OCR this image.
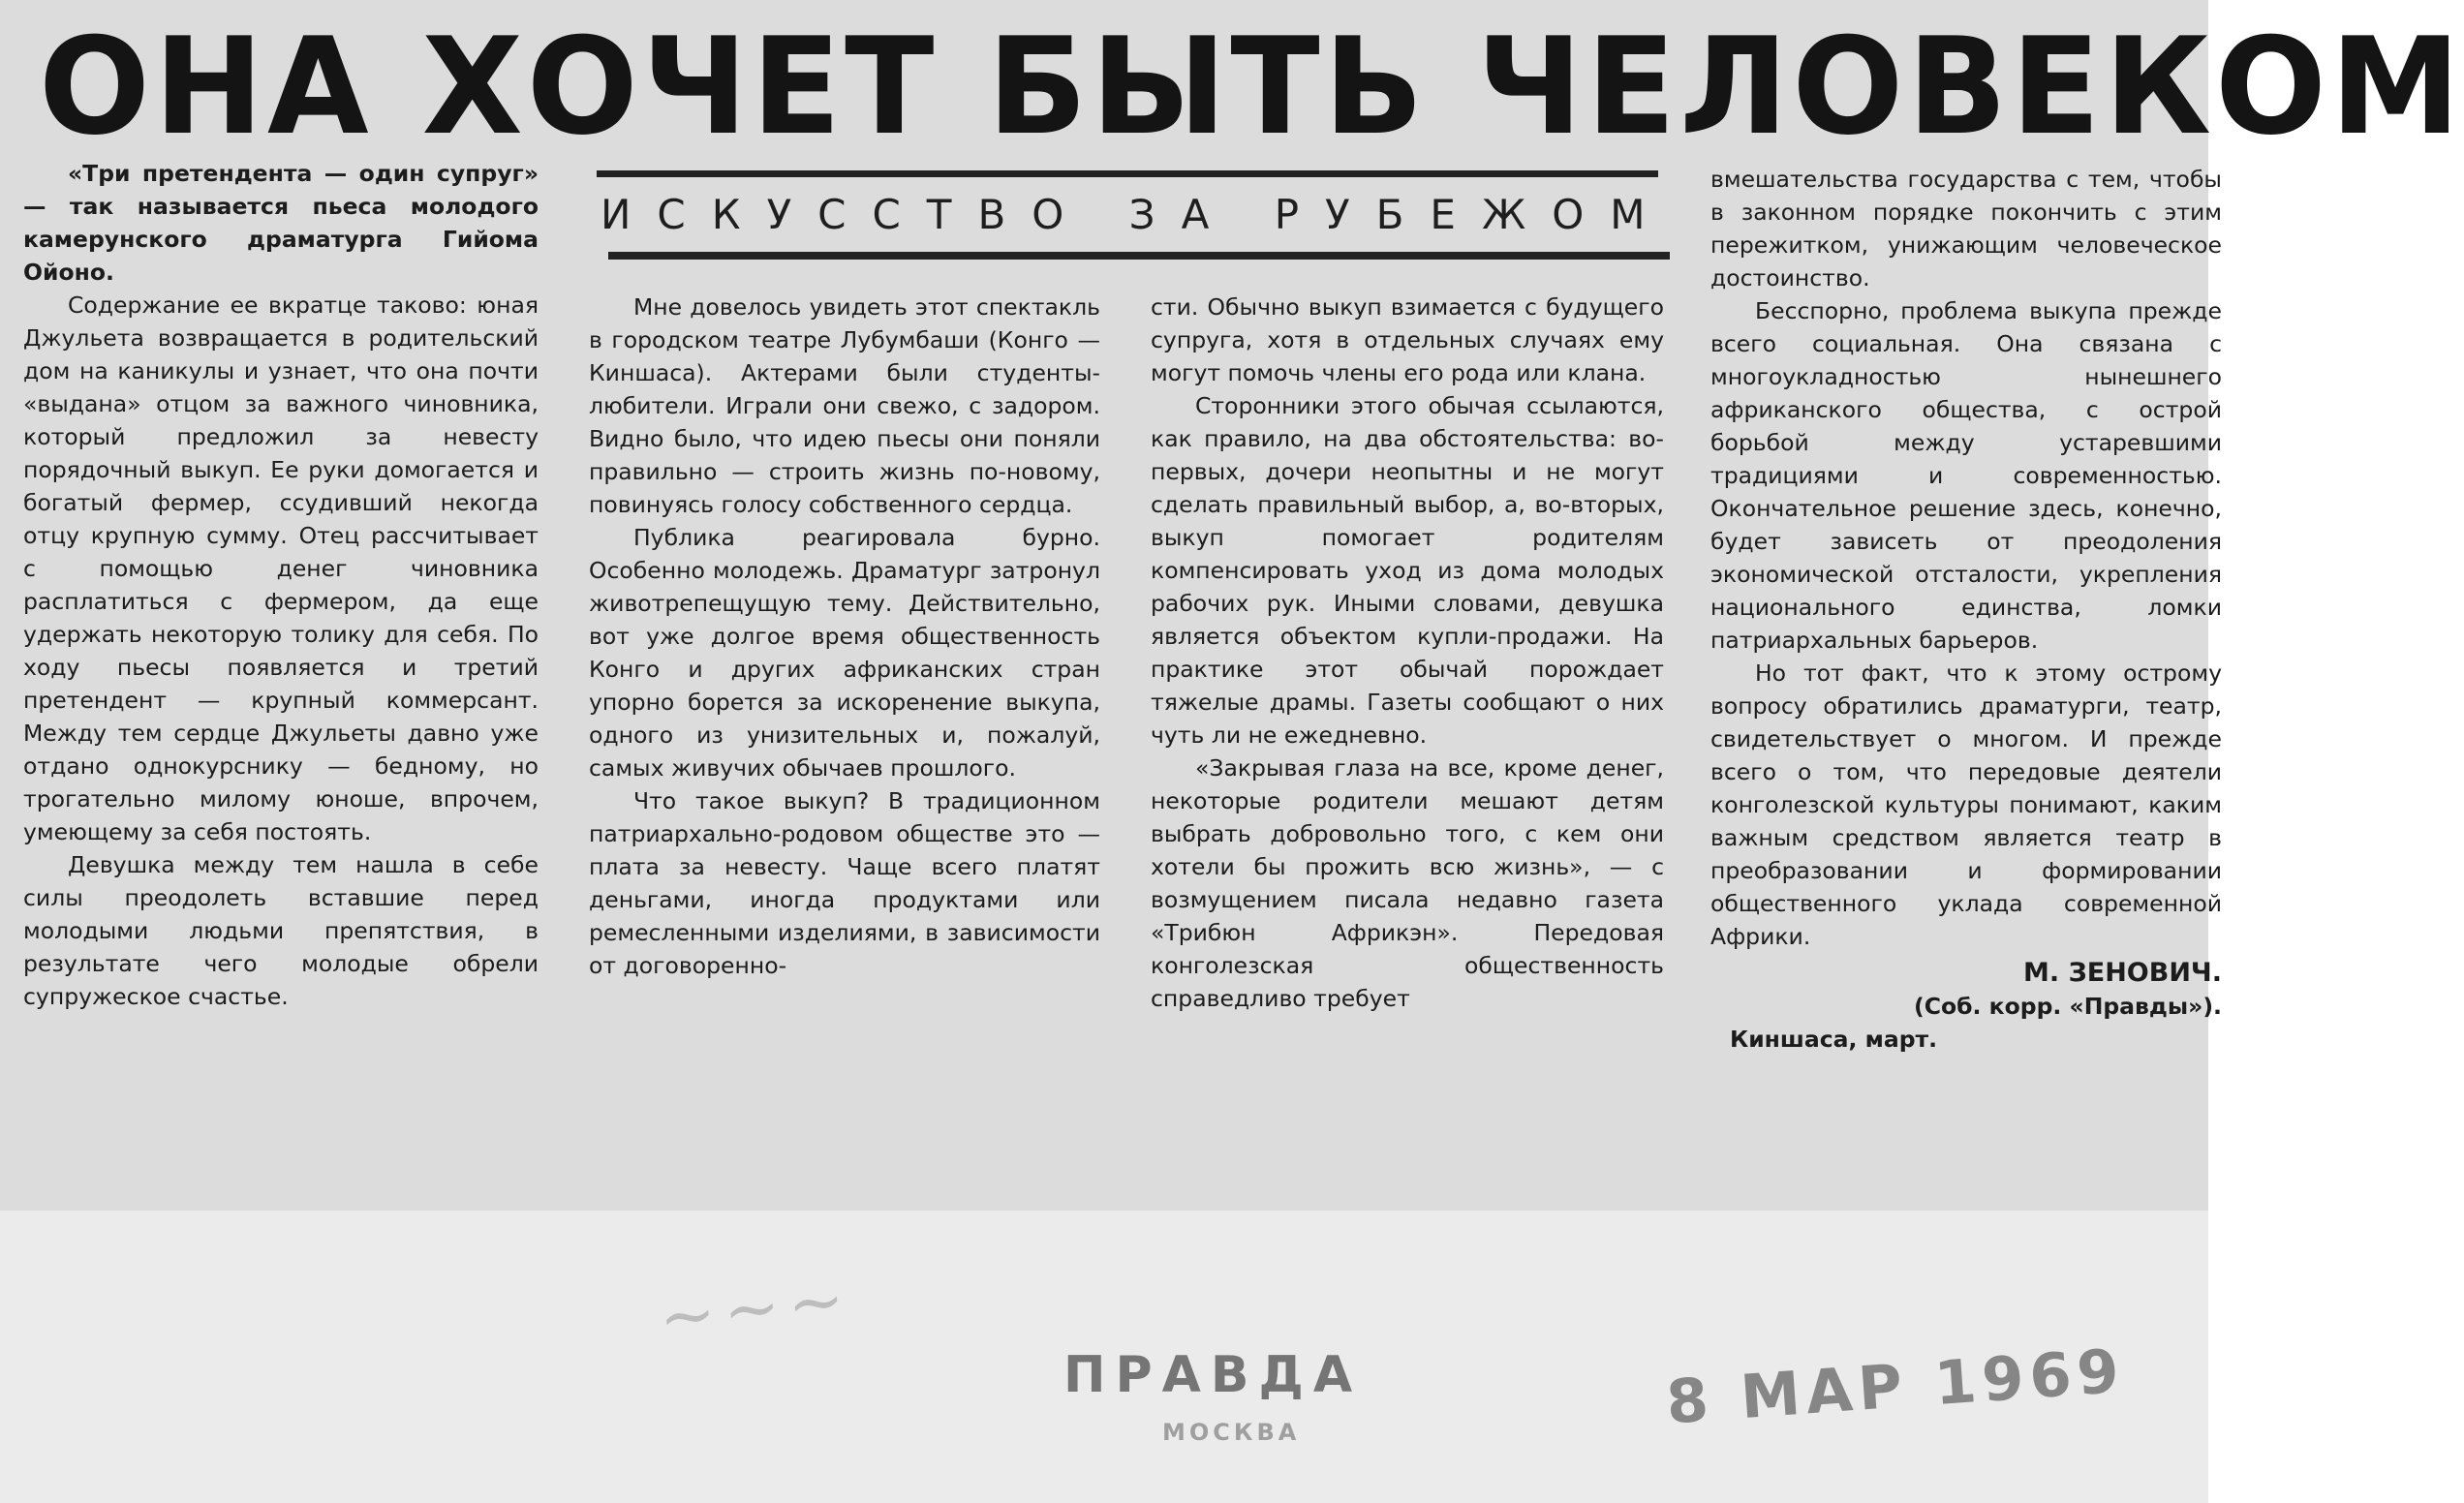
ОНА ХОЧЕТ БЫТЬ ЧЕЛОВЕКОМ
ИСКУССТВО ЗА РУБЕЖОМ

«Три претендента — один супруг» — так называется пьеса молодого камерунского драматурга Гийома Ойоно.

Содержание ее вкратце таково: юная Джульета возвращается в родительский дом на каникулы и узнает, что она почти «выдана» отцом за важного чиновника, который предложил за невесту порядочный выкуп. Ее руки домогается и богатый фермер, ссудивший некогда отцу крупную сумму. Отец рассчитывает с помощью денег чиновника расплатиться с фермером, да еще удержать некоторую толику для себя. По ходу пьесы появляется и третий претендент — крупный коммерсант. Между тем сердце Джульеты давно уже отдано однокурснику — бедному, но трогательно милому юноше, впрочем, умеющему за себя постоять.

Девушка между тем нашла в себе силы преодолеть вставшие перед молодыми людьми препятствия, в результате чего молодые обрели супружеское счастье.

Мне довелось увидеть этот спектакль в городском театре Лубумбаши (Конго — Киншаса). Актерами были студенты-любители. Играли они свежо, с задором. Видно было, что идею пьесы они поняли правильно — строить жизнь по-новому, повинуясь голосу собственного сердца.

Публика реагировала бурно. Особенно молодежь. Драматург затронул животрепещущую тему. Действительно, вот уже долгое время общественность Конго и других африканских стран упорно борется за искоренение выкупа, одного из унизительных и, пожалуй, самых живучих обычаев прошлого.

Что такое выкуп? В традиционном патриархально-родовом обществе это — плата за невесту. Чаще всего платят деньгами, иногда продуктами или ремесленными изделиями, в зависимости от договоренно-

сти. Обычно выкуп взимается с будущего супруга, хотя в отдельных случаях ему могут помочь члены его рода или клана.

Сторонники этого обычая ссылаются, как правило, на два обстоятельства: во-первых, дочери неопытны и не могут сделать правильный выбор, а, во-вторых, выкуп помогает родителям компенсировать уход из дома молодых рабочих рук. Иными словами, девушка является объектом купли-продажи. На практике этот обычай порождает тяжелые драмы. Газеты сообщают о них чуть ли не ежедневно.

«Закрывая глаза на все, кроме денег, некоторые родители мешают детям выбрать добровольно того, с кем они хотели бы прожить всю жизнь», — с возмущением писала недавно газета «Трибюн Африкэн». Передовая конголезская общественность справедливо требует

вмешательства государства с тем, чтобы в законном порядке покончить с этим пережитком, унижающим человеческое достоинство.

Бесспорно, проблема выкупа прежде всего социальная. Она связана с многоукладностью нынешнего африканского общества, с острой борьбой между устаревшими традициями и современностью. Окончательное решение здесь, конечно, будет зависеть от преодоления экономической отсталости, укрепления национального единства, ломки патриархальных барьеров.

Но тот факт, что к этому острому вопросу обратились драматурги, театр, свидетельствует о многом. И прежде всего о том, что передовые деятели конголезской культуры понимают, каким важным средством является театр в преобразовании и формировании общественного уклада современной Африки.

М. ЗЕНОВИЧ.

(Соб. корр. «Правды»).

Киншаса, март.

~~~
ПРАВДА
МОСКВА	8 МАР 1969
